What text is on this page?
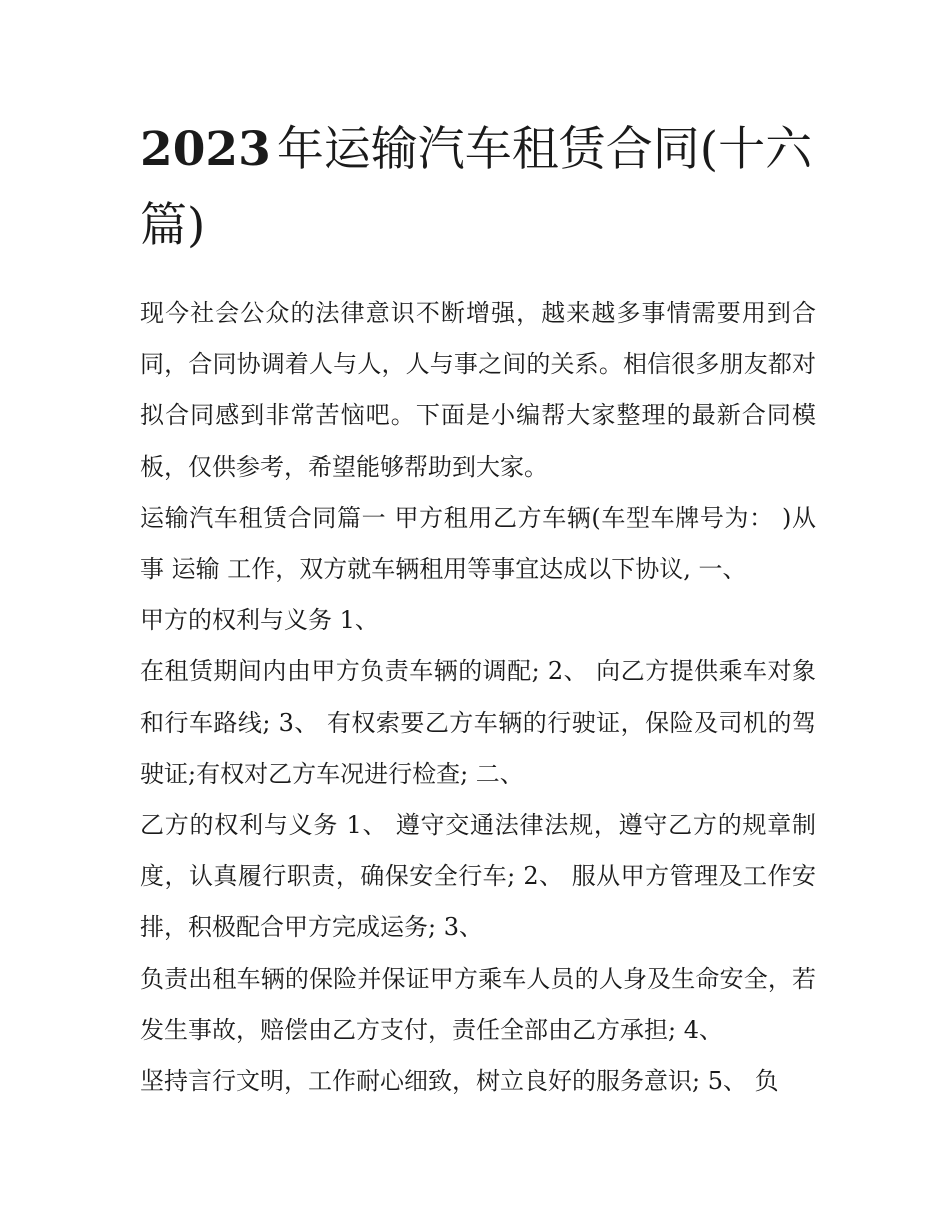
2023 年运输汽车租赁合同(十六篇)

现今社会公众的法律意识不断增强，越来越多事情需要用到合同，合同协调着人与人，人与事之间的关系。相信很多朋友都对拟合同感到非常苦恼吧。下面是小编帮大家整理的最新合同模板，仅供参考，希望能够帮助到大家。

运输汽车租赁合同篇一 甲方租用乙方车辆(车型车牌号为： )从事 运输 工作，双方就车辆租用等事宜达成以下协议, 一、

甲方的权利与义务 1、

在租赁期间内由甲方负责车辆的调配; 2、 向乙方提供乘车对象和行车路线; 3、 有权索要乙方车辆的行驶证，保险及司机的驾驶证;有权对乙方车况进行检查; 二、

乙方的权利与义务 1、 遵守交通法律法规，遵守乙方的规章制度，认真履行职责，确保安全行车; 2、 服从甲方管理及工作安排，积极配合甲方完成运务; 3、

负责出租车辆的保险并保证甲方乘车人员的人身及生命安全，若发生事故，赔偿由乙方支付，责任全部由乙方承担; 4、

坚持言行文明，工作耐心细致，树立良好的服务意识; 5、 负
